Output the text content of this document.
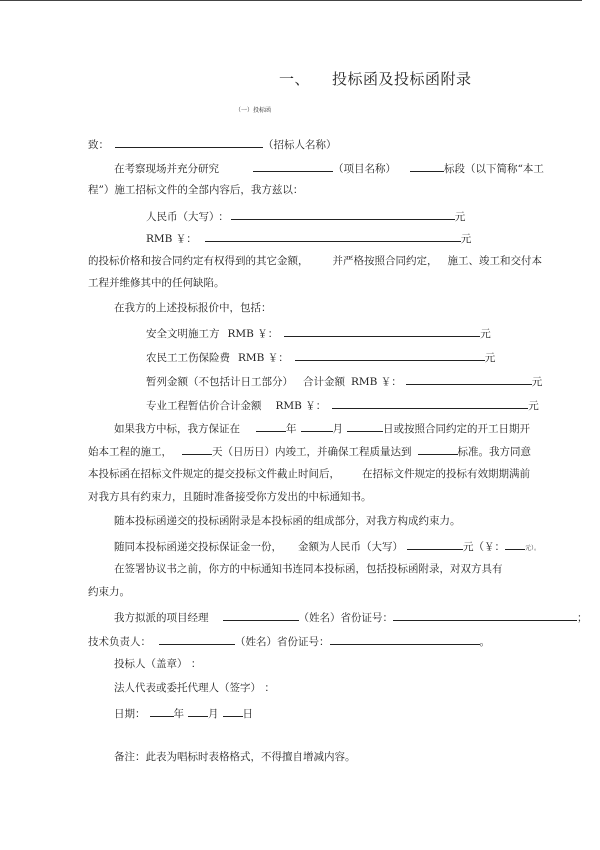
一、 投标函及投标函附录
（一）投标函
致：	（招标人名称）
在考察现场并充分研究	（项目名称）	标段（以下简称“本工
程”）施工招标文件的全部内容后，我方兹以：
人民币（大写） ：	元
RMB ￥：	元
的投标价格和按合同约定有权得到的其它金额， 并严格按照合同约定， 施工、竣工和交付本
工程并维修其中的任何缺陷。
在我方的上述投标报价中，包括：
安全文明施工方 RMB ￥：	元
农民工工伤保险费 RMB ￥：	元
暂列金额（不包括计日工部分） 合计金额 RMB ￥：	元
专业工程暂估价合计金额 RMB ￥：	元
如果我方中标，我方保证在	年	月	日或按照合同约定的开工日期开
始本工程的施工，	天（日历日）内竣工，并确保工程质量达到	标准。我方同意
本投标函在招标文件规定的提交投标文件截止时间后， 在招标文件规定的投标有效期期满前
对我方具有约束力，且随时准备接受你方发出的中标通知书。
随本投标函递交的投标函附录是本投标函的组成部分，对我方构成约束力。
随同本投标函递交投标保证金一份， 金额为人民币（大写）	元（￥：	元）。
在签署协议书之前，你方的中标通知书连同本投标函，包括投标函附录，对双方具有
约束力。
我方拟派的项目经理	（姓名）省份证号：	；
技术负责人：	（姓名）省份证号：	。
投标人（盖章） ：
法人代表或委托代理人（签字） ：
日期：	年 月 日
备注：此表为唱标时表格格式，不得擅自增减内容。
